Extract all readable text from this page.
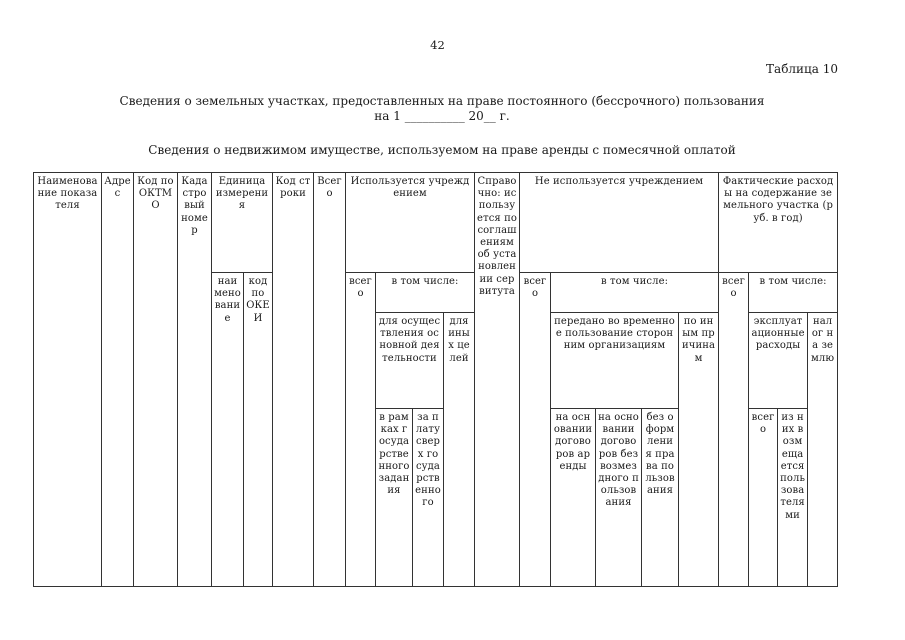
42
Таблица 10
Сведения о земельных участках, предоставленных на праве постоянного (бессрочного) пользования
на 1 __________ 20__ г.
Сведения о недвижимом имуществе, используемом на праве аренды с помесячной оплатой
Наименование показателя	Адрес	Код по ОКТМО	Кадастровый номер	Единица измерения		Код строки	Всего	Используется учреждением				Справочно: используется по соглашениям об установлении сервитута	Не используется учреждением					Фактические расходы на содержание земельного участка (руб. в год)			

				наименование	код по ОКЕИ			всего	в том числе:				всего	в том числе:				всего	в том числе:		

									для осуществления основной деятельности		для иных целей			передано во временное пользование сторонним организациям			по иным причинам		эксплуатационные расходы		налог на землю

									в рамках государственного задания	за плату сверх государственного				на основании договоров аренды	на основании договоров безвозмездного пользования	без оформления права пользования			всего	из них возмещается пользователями	
